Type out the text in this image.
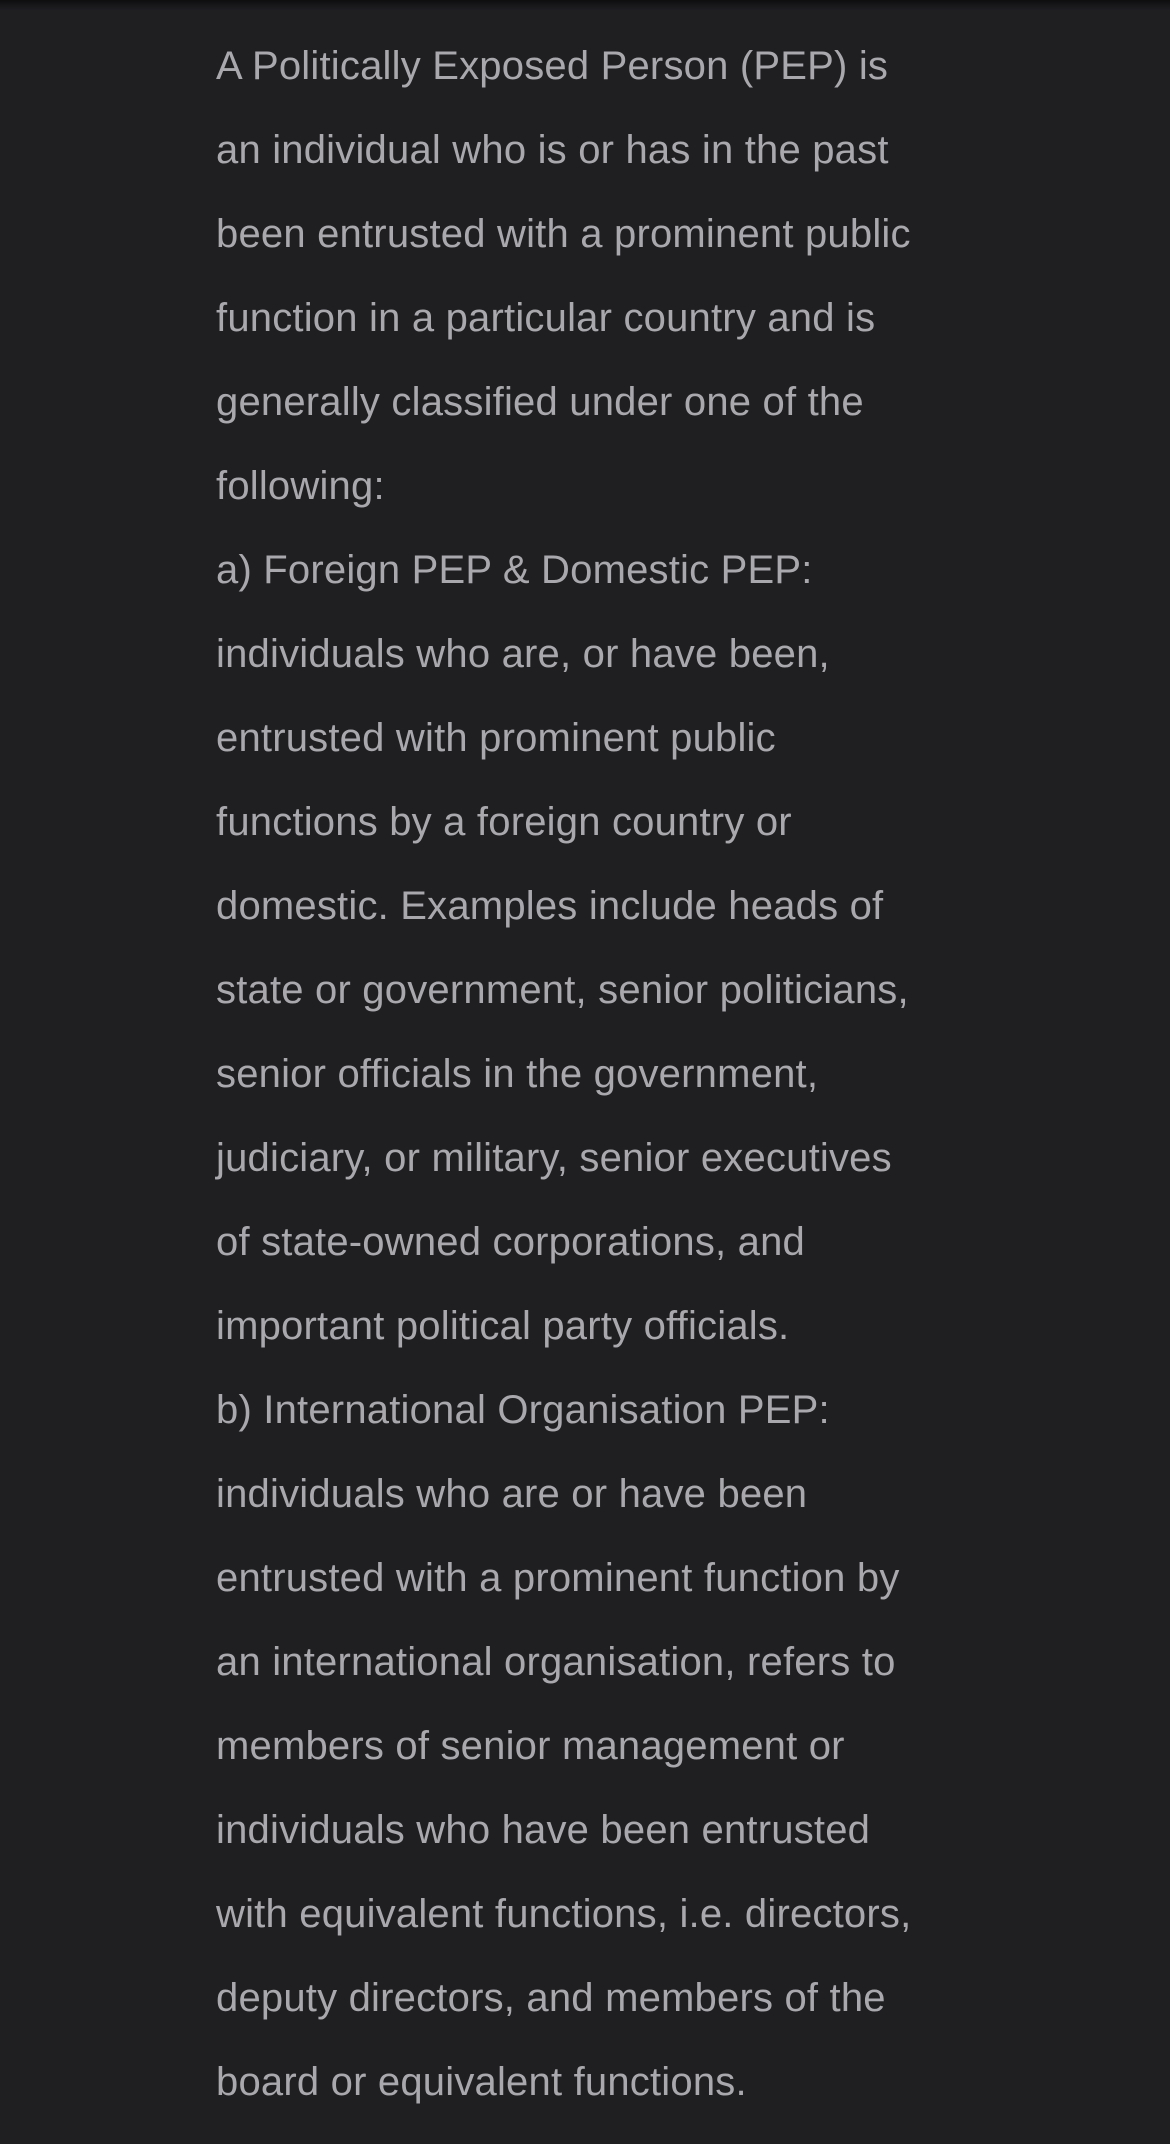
A Politically Exposed Person (PEP) is
an individual who is or has in the past
been entrusted with a prominent public
function in a particular country and is
generally classified under one of the
following:

a) Foreign PEP & Domestic PEP:
individuals who are, or have been,
entrusted with prominent public
functions by a foreign country or
domestic. Examples include heads of
state or government, senior politicians,
senior officials in the government,
judiciary, or military, senior executives
of state-owned corporations, and
important political party officials.

b) International Organisation PEP:
individuals who are or have been
entrusted with a prominent function by
an international organisation, refers to
members of senior management or
individuals who have been entrusted
with equivalent functions, i.e. directors,
deputy directors, and members of the
board or equivalent functions.
